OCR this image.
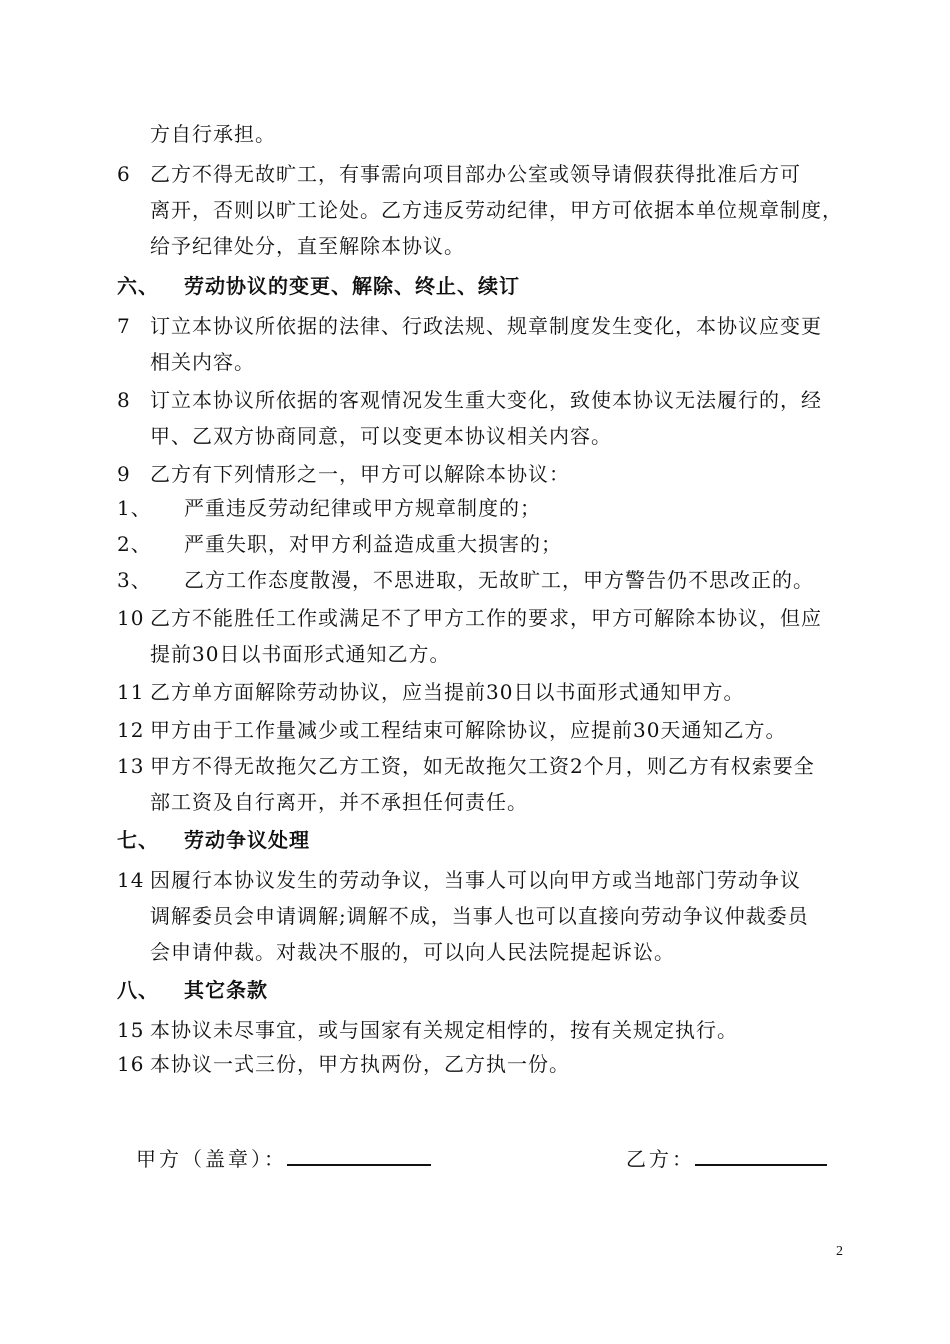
方自行承担。
6 乙方不得无故旷工，有事需向项目部办公室或领导请假获得批准后方可
离开，否则以旷工论处。乙方违反劳动纪律，甲方可依据本单位规章制度，
给予纪律处分，直至解除本协议。
六、 劳动协议的变更、解除、终止、续订
7 订立本协议所依据的法律、行政法规、规章制度发生变化，本协议应变更
相关内容。
8 订立本协议所依据的客观情况发生重大变化，致使本协议无法履行的，经
甲、乙双方协商同意，可以变更本协议相关内容。
9 乙方有下列情形之一，甲方可以解除本协议：
1、 严重违反劳动纪律或甲方规章制度的；
2、 严重失职，对甲方利益造成重大损害的；
3、 乙方工作态度散漫，不思进取，无故旷工，甲方警告仍不思改正的。
10 乙方不能胜任工作或满足不了甲方工作的要求，甲方可解除本协议，但应
提前30日以书面形式通知乙方。
11 乙方单方面解除劳动协议，应当提前30日以书面形式通知甲方。
12 甲方由于工作量减少或工程结束可解除协议，应提前30天通知乙方。
13 甲方不得无故拖欠乙方工资，如无故拖欠工资2个月，则乙方有权索要全
部工资及自行离开，并不承担任何责任。
七、 劳动争议处理
14 因履行本协议发生的劳动争议，当事人可以向甲方或当地部门劳动争议
调解委员会申请调解;调解不成，当事人也可以直接向劳动争议仲裁委员
会申请仲裁。对裁决不服的，可以向人民法院提起诉讼。
八、 其它条款
15 本协议未尽事宜，或与国家有关规定相悖的，按有关规定执行。
16 本协议一式三份，甲方执两份，乙方执一份。
甲方（盖章）：	乙方：
2
